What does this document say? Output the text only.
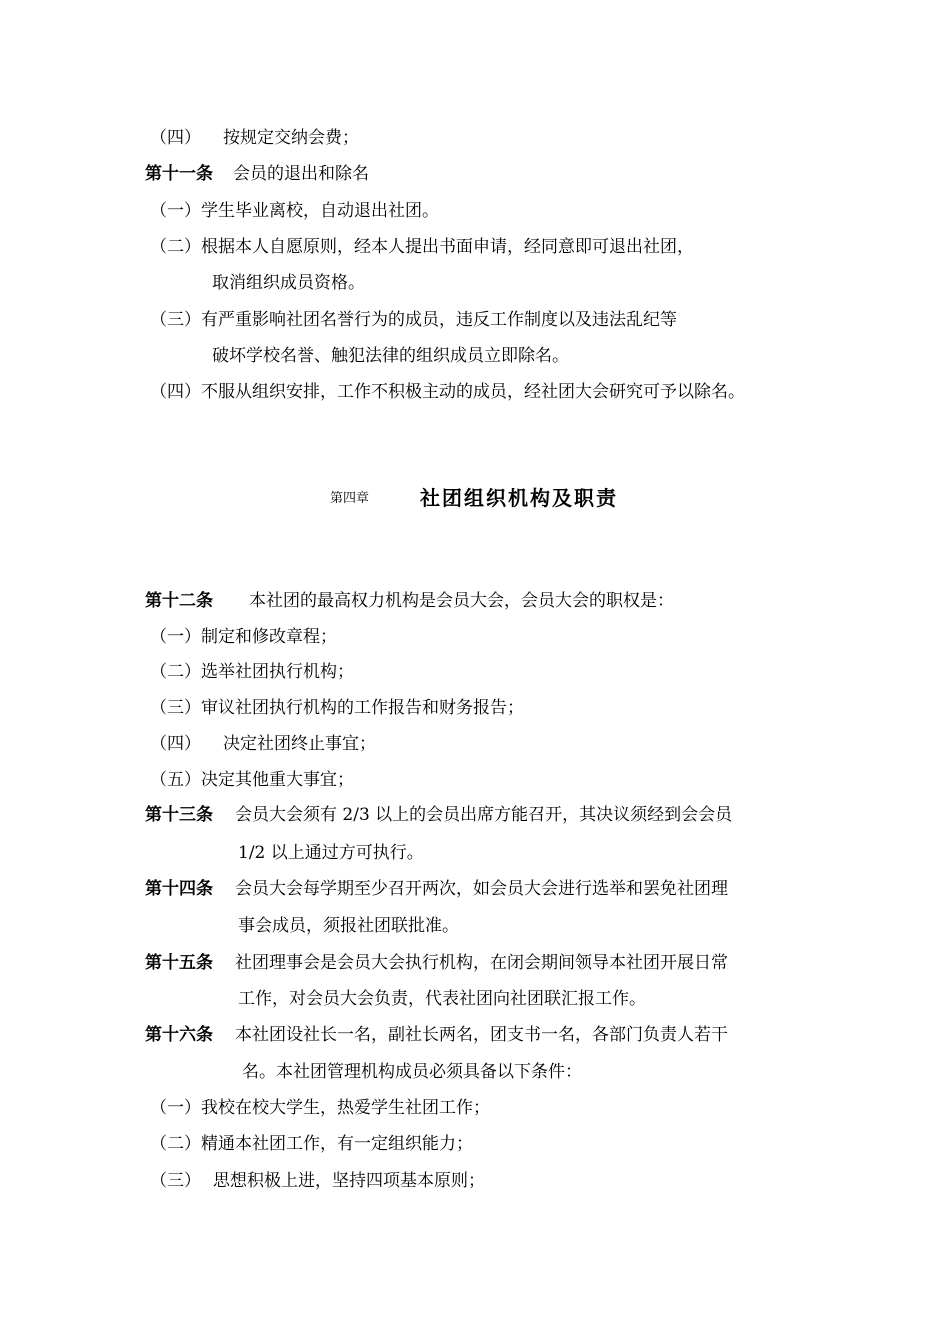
（四） 按规定交纳会费；
第十一条 会员的退出和除名
（一）学生毕业离校，自动退出社团。
（二）根据本人自愿原则，经本人提出书面申请，经同意即可退出社团，
取消组织成员资格。
（三）有严重影响社团名誉行为的成员，违反工作制度以及违法乱纪等
破坏学校名誉、触犯法律的组织成员立即除名。
（四）不服从组织安排，工作不积极主动的成员，经社团大会研究可予以除名。
第四章	社团组织机构及职责
第十二条 本社团的最高权力机构是会员大会，会员大会的职权是：
（一）制定和修改章程；
（二）选举社团执行机构；
（三）审议社团执行机构的工作报告和财务报告；
（四） 决定社团终止事宜；
（五）决定其他重大事宜；
第十三条 会员大会须有 2/3 以上的会员出席方能召开，其决议须经到会会员
1/2 以上通过方可执行。
第十四条 会员大会每学期至少召开两次，如会员大会进行选举和罢免社团理
事会成员，须报社团联批准。
第十五条 社团理事会是会员大会执行机构，在闭会期间领导本社团开展日常
工作，对会员大会负责，代表社团向社团联汇报工作。
第十六条 本社团设社长一名，副社长两名，团支书一名，各部门负责人若干
名。本社团管理机构成员必须具备以下条件：
（一）我校在校大学生，热爱学生社团工作；
（二）精通本社团工作，有一定组织能力；
（三） 思想积极上进，坚持四项基本原则；
